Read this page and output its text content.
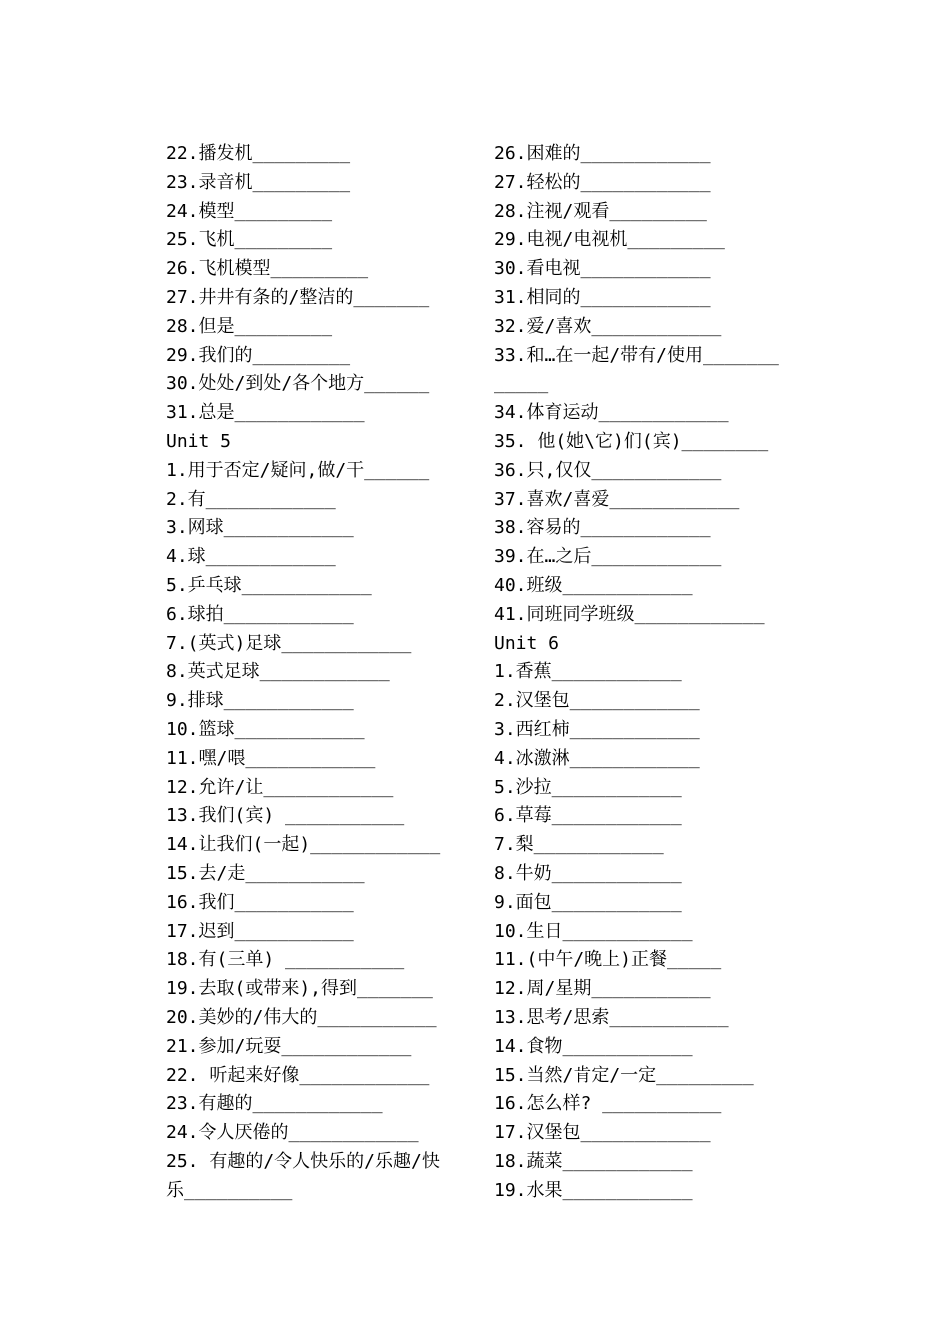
22.播发机_________
23.录音机_________
24.模型_________
25.飞机_________
26.飞机模型_________
27.井井有条的/整洁的_______
28.但是_________
29.我们的_________
30.处处/到处/各个地方______
31.总是____________
Unit 5
1.用于否定/疑问,做/干______
2.有____________
3.网球____________
4.球____________
5.乒乓球____________
6.球拍____________
7.(英式)足球____________
8.英式足球____________
9.排球____________
10.篮球____________
11.嘿/喂____________
12.允许/让____________
13.我们(宾) ___________
14.让我们(一起)____________
15.去/走___________
16.我们___________
17.迟到___________
18.有(三单) ___________
19.去取(或带来),得到_______
20.美妙的/伟大的___________
21.参加/玩耍____________
22. 听起来好像____________
23.有趣的____________
24.令人厌倦的____________
25. 有趣的/令人快乐的/乐趣/快
乐__________
26.困难的____________
27.轻松的____________
28.注视/观看_________
29.电视/电视机_________
30.看电视____________
31.相同的____________
32.爱/喜欢____________
33.和…在一起/带有/使用_______
_____
34.体育运动____________
35. 他(她\它)们(宾)________
36.只,仅仅____________
37.喜欢/喜爱____________
38.容易的____________
39.在…之后____________
40.班级____________
41.同班同学班级____________
Unit 6
1.香蕉____________
2.汉堡包____________
3.西红柿____________
4.冰激淋____________
5.沙拉____________
6.草莓____________
7.梨____________
8.牛奶____________
9.面包____________
10.生日____________
11.(中午/晚上)正餐_____
12.周/星期___________
13.思考/思索___________
14.食物____________
15.当然/肯定/一定_________
16.怎么样? ___________
17.汉堡包____________
18.蔬菜____________
19.水果____________
